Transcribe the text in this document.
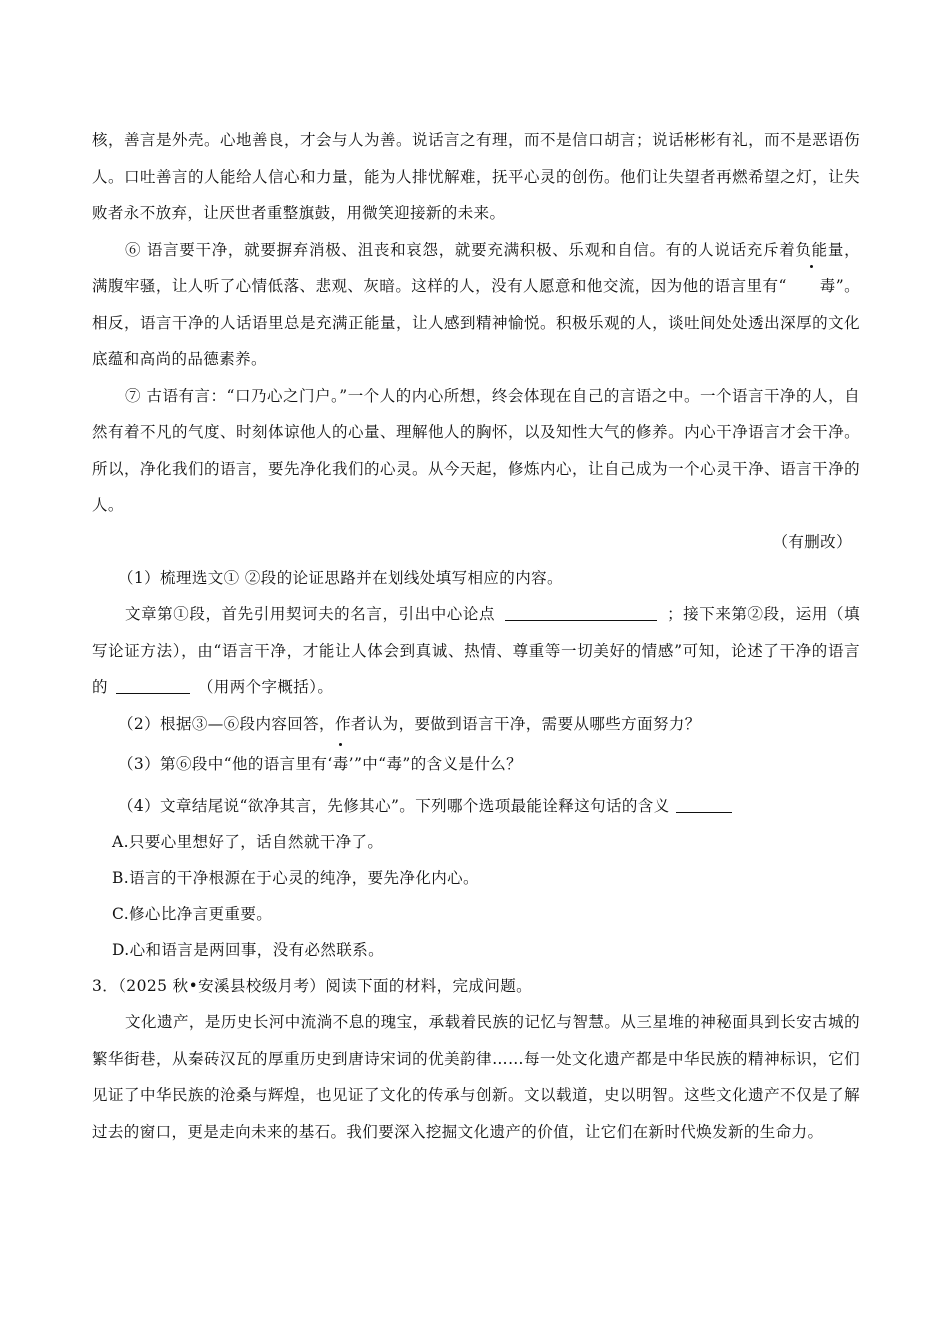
核，善言是外壳。心地善良，才会与人为善。说话言之有理，而不是信口胡言；说话彬彬有礼，而不是恶语伤人。口吐善言的人能给人信心和力量，能为人排忧解难，抚平心灵的创伤。他们让失望者再燃希望之灯，让失败者永不放弃，让厌世者重整旗鼓，用微笑迎接新的未来。

⑥ 语言要干净，就要摒弃消极、沮丧和哀怨，就要充满积极、乐观和自信。有的人说话充斥着负能量，满腹牢骚，让人听了心情低落、悲观、灰暗。这样的人，没有人愿意和他交流，因为他的语言里有“ 毒”。相反，语言干净的人话语里总是充满正能量，让人感到精神愉悦。积极乐观的人，谈吐间处处透出深厚的文化底蕴和高尚的品德素养。

⑦ 古语有言：“口乃心之门户。”一个人的内心所想，终会体现在自己的言语之中。一个语言干净的人，自然有着不凡的气度、时刻体谅他人的心量、理解他人的胸怀，以及知性大气的修养。内心干净语言才会干净。所以，净化我们的语言，要先净化我们的心灵。从今天起，修炼内心，让自己成为一个心灵干净、语言干净的人。

（有删改）

（1）梳理选文① ②段的论证思路并在划线处填写相应的内容。

文章第①段，首先引用契诃夫的名言，引出中心论点	；接下来第②段，运用（填写论证方法），由“语言干净，才能让人体会到真诚、热情、尊重等一切美好的情感”可知，论述了干净的语言的	（用两个字概括）。

（2）根据③—⑥段内容回答，作者认为，要做到语言干净，需要从哪些方面努力？

（3）第⑥段中“他的语言里有‘毒’”中“毒”的含义是什么？

（4）文章结尾说“欲净其言，先修其心”。下列哪个选项最能诠释这句话的含义

A.只要心里想好了，话自然就干净了。

B.语言的干净根源在于心灵的纯净，要先净化内心。

C.修心比净言更重要。

D.心和语言是两回事，没有必然联系。

3．（2025 秋•安溪县校级月考）阅读下面的材料，完成问题。

文化遗产，是历史长河中流淌不息的瑰宝，承载着民族的记忆与智慧。从三星堆的神秘面具到长安古城的繁华街巷，从秦砖汉瓦的厚重历史到唐诗宋词的优美韵律……每一处文化遗产都是中华民族的精神标识，它们见证了中华民族的沧桑与辉煌，也见证了文化的传承与创新。文以载道，史以明智。这些文化遗产不仅是了解过去的窗口，更是走向未来的基石。我们要深入挖掘文化遗产的价值，让它们在新时代焕发新的生命力。
